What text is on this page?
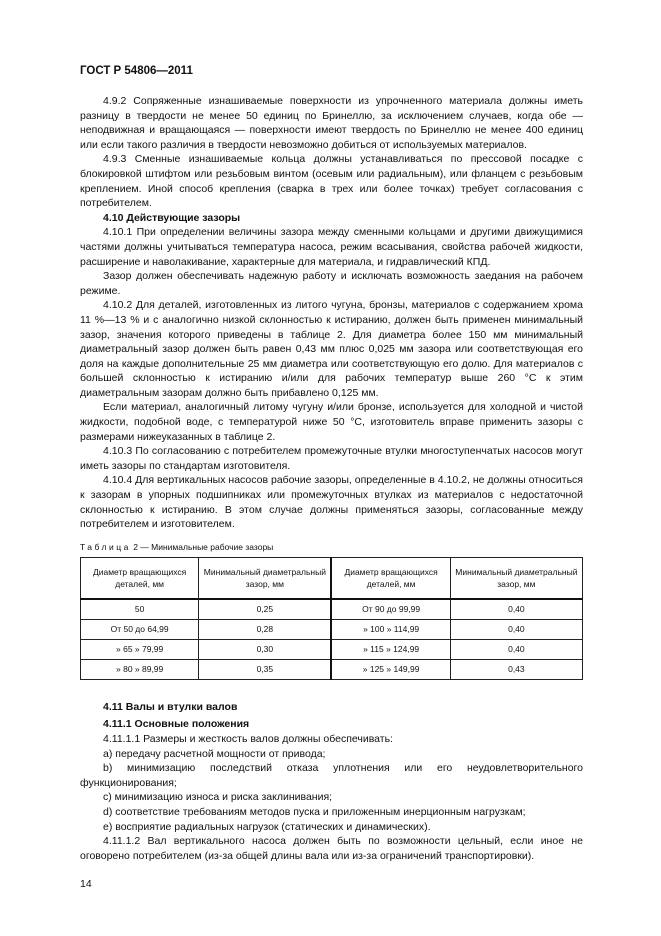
ГОСТ Р 54806—2011

4.9.2 Сопряженные изнашиваемые поверхности из упрочненного материала должны иметь разницу в твердости не менее 50 единиц по Бринеллю, за исключением случаев, когда обе — неподвижная и вращающаяся — поверхности имеют твердость по Бринеллю не менее 400 единиц или если такого различия в твердости невозможно добиться от используемых материалов.

4.9.3 Сменные изнашиваемые кольца должны устанавливаться по прессовой посадке с блокировкой штифтом или резьбовым винтом (осевым или радиальным), или фланцем с резьбовым креплением. Иной способ крепления (сварка в трех или более точках) требует согласования с потребителем.

4.10 Действующие зазоры

4.10.1 При определении величины зазора между сменными кольцами и другими движущимися частями должны учитываться температура насоса, режим всасывания, свойства рабочей жидкости, расширение и наволакивание, характерные для материала, и гидравлический КПД.

Зазор должен обеспечивать надежную работу и исключать возможность заедания на рабочем режиме.

4.10.2 Для деталей, изготовленных из литого чугуна, бронзы, материалов с содержанием хрома 11 %—13 % и с аналогично низкой склонностью к истиранию, должен быть применен минимальный зазор, значения которого приведены в таблице 2. Для диаметра более 150 мм минимальный диаметральный зазор должен быть равен 0,43 мм плюс 0,025 мм зазора или соответствующая его доля на каждые дополнительные 25 мм диаметра или соответствующую его долю. Для материалов с большей склонностью к истиранию и/или для рабочих температур выше 260 °С к этим диаметральным зазорам должно быть прибавлено 0,125 мм.

Если материал, аналогичный литому чугуну и/или бронзе, используется для холодной и чистой жидкости, подобной воде, с температурой ниже 50 °С, изготовитель вправе применить зазоры с размерами нижеуказанных в таблице 2.

4.10.3 По согласованию с потребителем промежуточные втулки многоступенчатых насосов могут иметь зазоры по стандартам изготовителя.

4.10.4 Для вертикальных насосов рабочие зазоры, определенные в 4.10.2, не должны относиться к зазорам в упорных подшипниках или промежуточных втулках из материалов с недостаточной склонностью к истиранию. В этом случае должны применяться зазоры, согласованные между потребителем и изготовителем.

Таблица 2 — Минимальные рабочие зазоры

Диаметр вращающихся деталей, мм	Минимальный диаметральный зазор, мм	Диаметр вращающихся деталей, мм	Минимальный диаметральный зазор, мм
50	0,25	От 90 до 99,99	0,40
От 50 до 64,99	0,28	» 100 » 114,99	0,40
» 65 » 79,99	0,30	» 115 » 124,99	0,40
» 80 » 89,99	0,35	» 125 » 149,99	0,43

4.11 Валы и втулки валов

4.11.1 Основные положения

4.11.1.1 Размеры и жесткость валов должны обеспечивать:

a) передачу расчетной мощности от привода;

b) минимизацию последствий отказа уплотнения или его неудовлетворительного функционирования;

c) минимизацию износа и риска заклинивания;

d) соответствие требованиям методов пуска и приложенным инерционным нагрузкам;

e) восприятие радиальных нагрузок (статических и динамических).

4.11.1.2 Вал вертикального насоса должен быть по возможности цельный, если иное не оговорено потребителем (из-за общей длины вала или из-за ограничений транспортировки).

14
